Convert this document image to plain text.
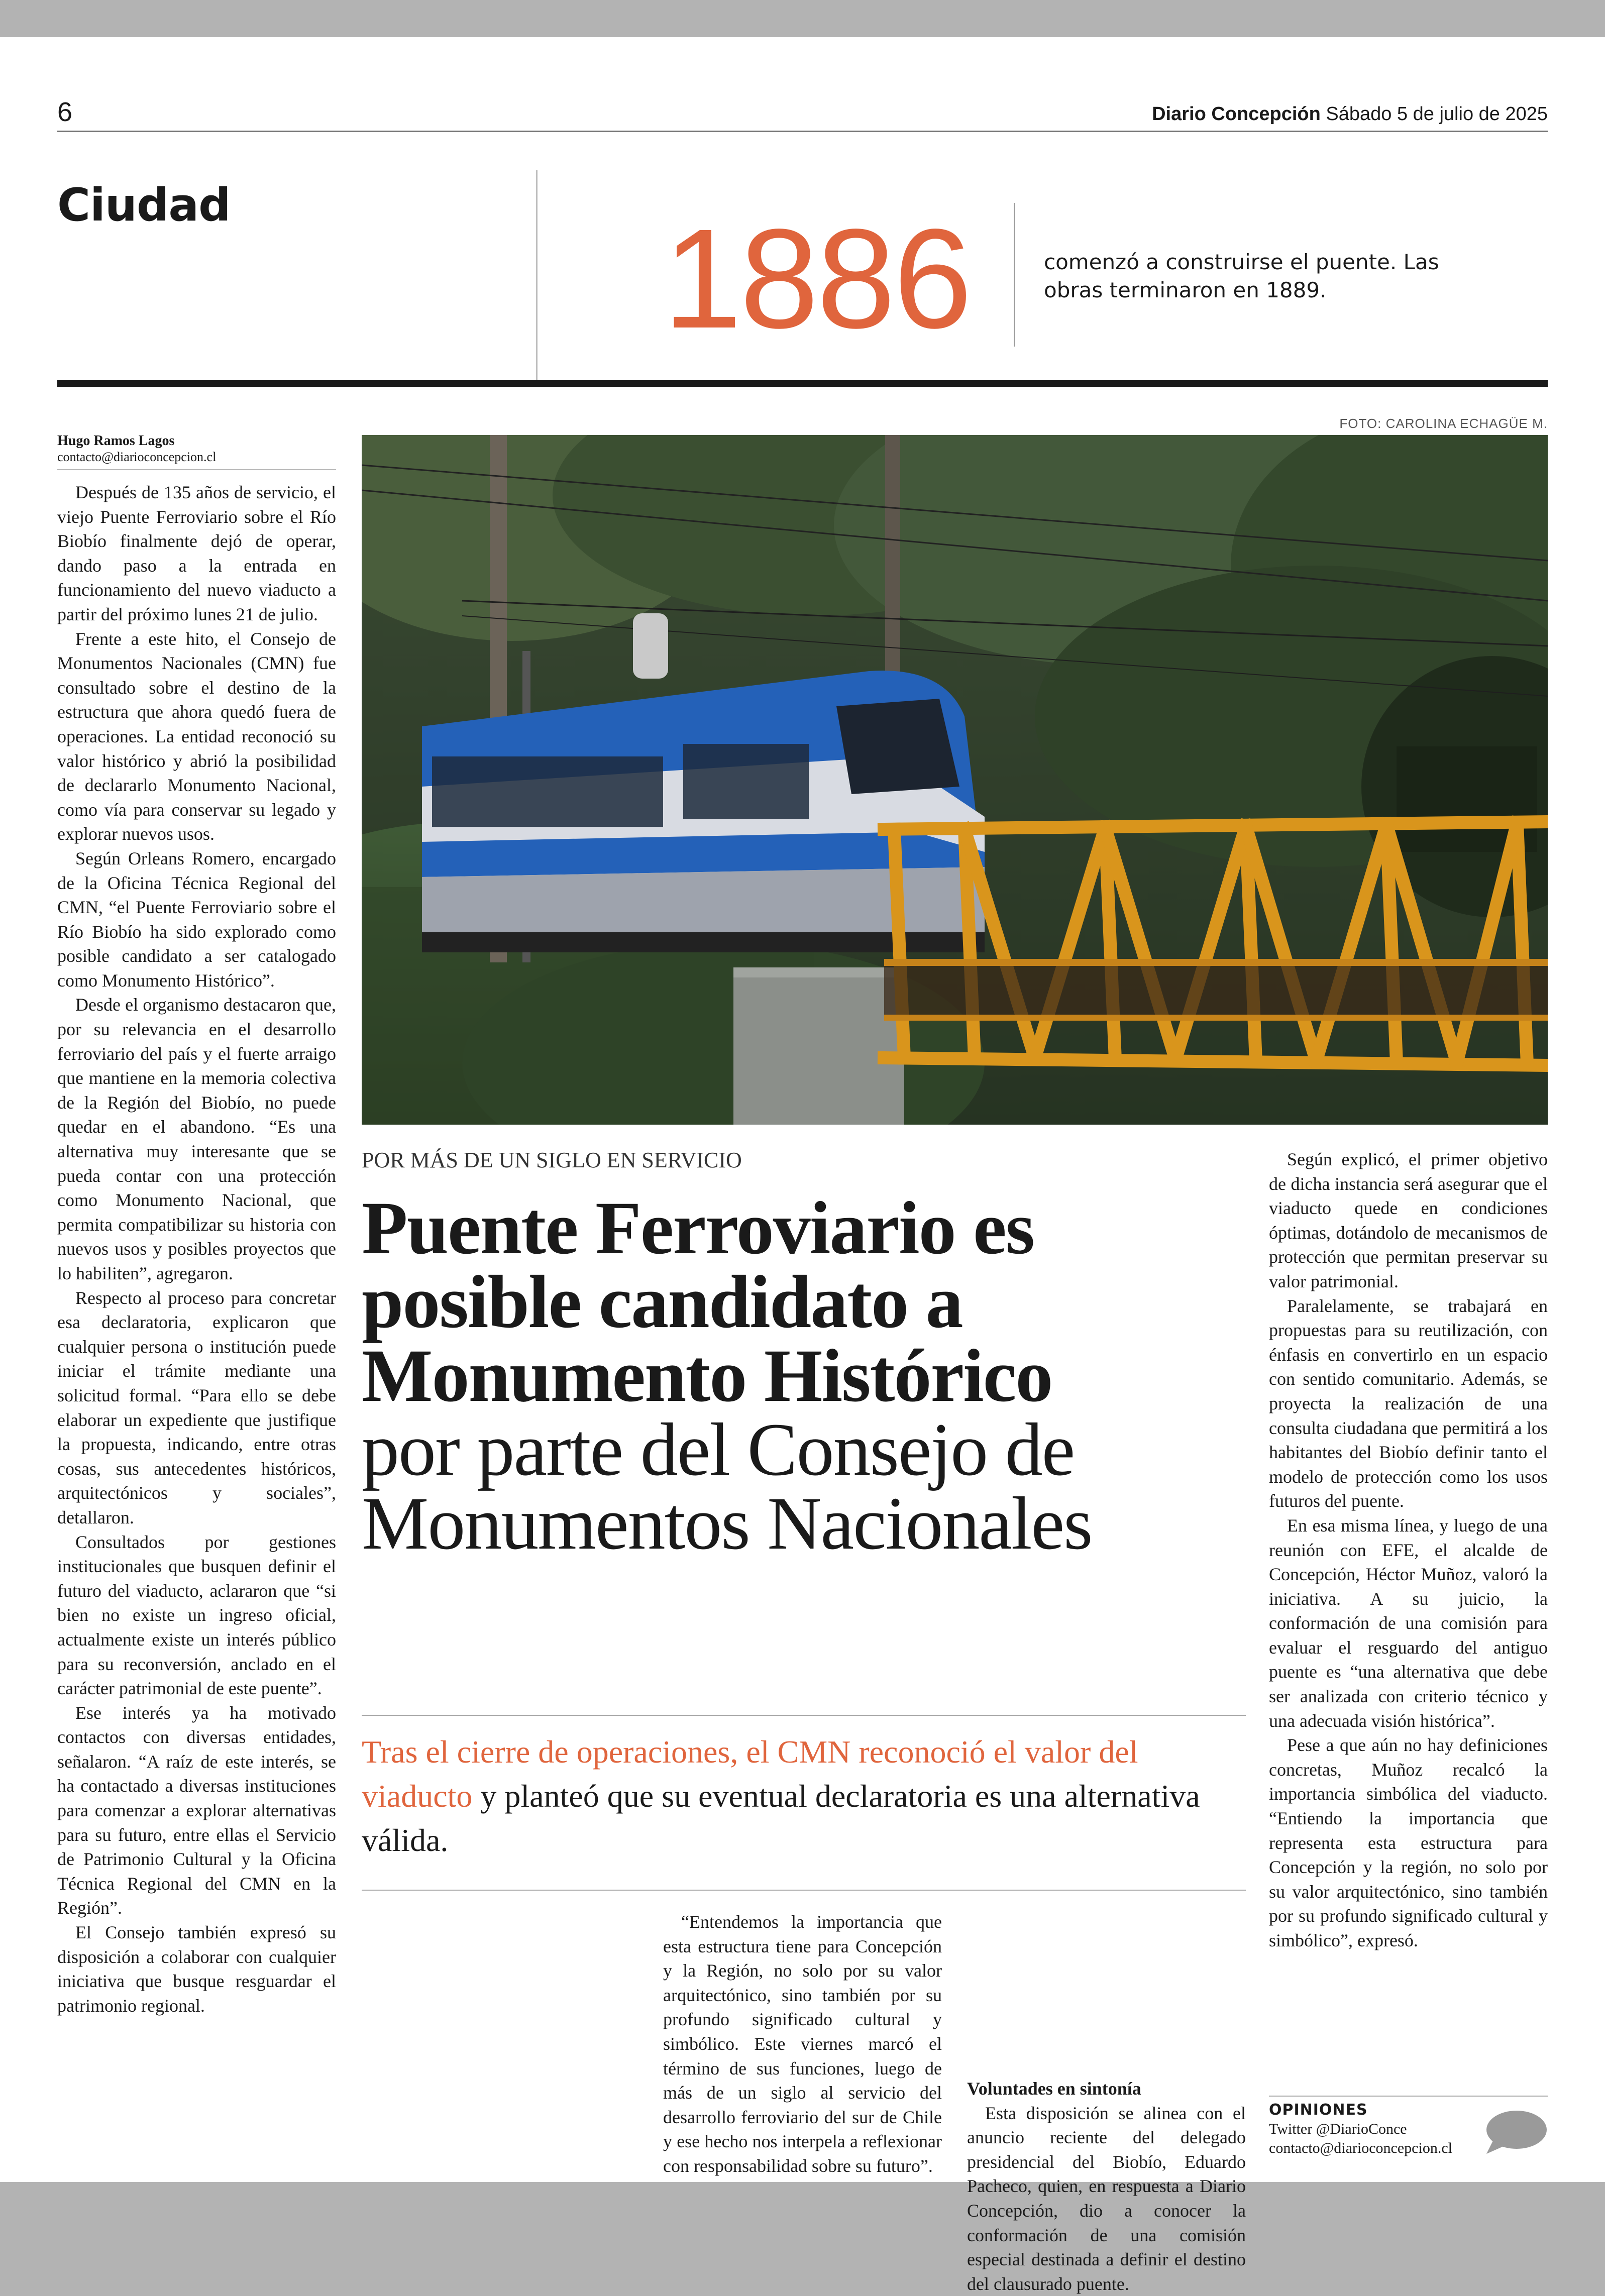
6	Diario Concepción Sábado 5 de julio de 2025
Ciudad	1886	comenzó a construirse el puente. Las obras terminaron en 1889.
FOTO: CAROLINA ECHAGÜE M.
Hugo Ramos Lagos
contacto@diarioconcepcion.cl

Después de 135 años de servicio, el viejo Puente Ferroviario sobre el Río Biobío finalmente dejó de operar, dando paso a la entrada en funcionamiento del nuevo viaducto a partir del próximo lunes 21 de julio.

Frente a este hito, el Consejo de Monumentos Nacionales (CMN) fue consultado sobre el destino de la estructura que ahora quedó fuera de operaciones. La entidad reconoció su valor histórico y abrió la posibilidad de declararlo Monumento Nacional, como vía para conservar su legado y explorar nuevos usos.

Según Orleans Romero, encargado de la Oficina Técnica Regional del CMN, “el Puente Ferroviario sobre el Río Biobío ha sido explorado como posible candidato a ser catalogado como Monumento Histórico”.

Desde el organismo destacaron que, por su relevancia en el desarrollo ferroviario del país y el fuerte arraigo que mantiene en la memoria colectiva de la Región del Biobío, no puede quedar en el abandono. “Es una alternativa muy interesante que se pueda contar con una protección como Monumento Nacional, que permita compatibilizar su historia con nuevos usos y posibles proyectos que lo habiliten”, agregaron.

Respecto al proceso para concretar esa declaratoria, explicaron que cualquier persona o institución puede iniciar el trámite mediante una solicitud formal. “Para ello se debe elaborar un expediente que justifique la propuesta, indicando, entre otras cosas, sus antecedentes históricos, arquitectónicos y sociales”, detallaron.

Consultados por gestiones institucionales que busquen definir el futuro del viaducto, aclararon que “si bien no existe un ingreso oficial, actualmente existe un interés público para su reconversión, anclado en el carácter patrimonial de este puente”.

Ese interés ya ha motivado contactos con diversas entidades, señalaron. “A raíz de este interés, se ha contactado a diversas instituciones para comenzar a explorar alternativas para su futuro, entre ellas el Servicio de Patrimonio Cultural y la Oficina Técnica Regional del CMN en la Región”.

El Consejo también expresó su disposición a colaborar con cualquier iniciativa que busque resguardar el patrimonio regional.

POR MÁS DE UN SIGLO EN SERVICIO
Puente Ferroviario es
posible candidato a
Monumento Histórico
por parte del Consejo de
Monumentos Nacionales
Tras el cierre de operaciones, el CMN reconoció el valor del viaducto y planteó que su eventual declaratoria es una alternativa válida.

“Entendemos la importancia que esta estructura tiene para Concepción y la Región, no solo por su valor arquitectónico, sino también por su profundo significado cultural y simbólico. Este viernes marcó el término de sus funciones, luego de más de un siglo al servicio del desarrollo ferroviario del sur de Chile y ese hecho nos interpela a reflexionar con responsabilidad sobre su futuro”.

Voluntades en sintonía

Esta disposición se alinea con el anuncio reciente del delegado presidencial del Biobío, Eduardo Pacheco, quien, en respuesta a Diario Concepción, dio a conocer la conformación de una comisión especial destinada a definir el destino del clausurado puente.

Según explicó, el primer objetivo de dicha instancia será asegurar que el viaducto quede en condiciones óptimas, dotándolo de mecanismos de protección que permitan preservar su valor patrimonial.

Paralelamente, se trabajará en propuestas para su reutilización, con énfasis en convertirlo en un espacio con sentido comunitario. Además, se proyecta la realización de una consulta ciudadana que permitirá a los habitantes del Biobío definir tanto el modelo de protección como los usos futuros del puente.

En esa misma línea, y luego de una reunión con EFE, el alcalde de Concepción, Héctor Muñoz, valoró la iniciativa. A su juicio, la conformación de una comisión para evaluar el resguardo del antiguo puente es “una alternativa que debe ser analizada con criterio técnico y una adecuada visión histórica”.

Pese a que aún no hay definiciones concretas, Muñoz recalcó la importancia simbólica del viaducto. “Entiendo la importancia que representa esta estructura para Concepción y la región, no solo por su valor arquitectónico, sino también por su profundo significado cultural y simbólico”, expresó.

OPINIONES
Twitter @DiarioConce
contacto@diarioconcepcion.cl
